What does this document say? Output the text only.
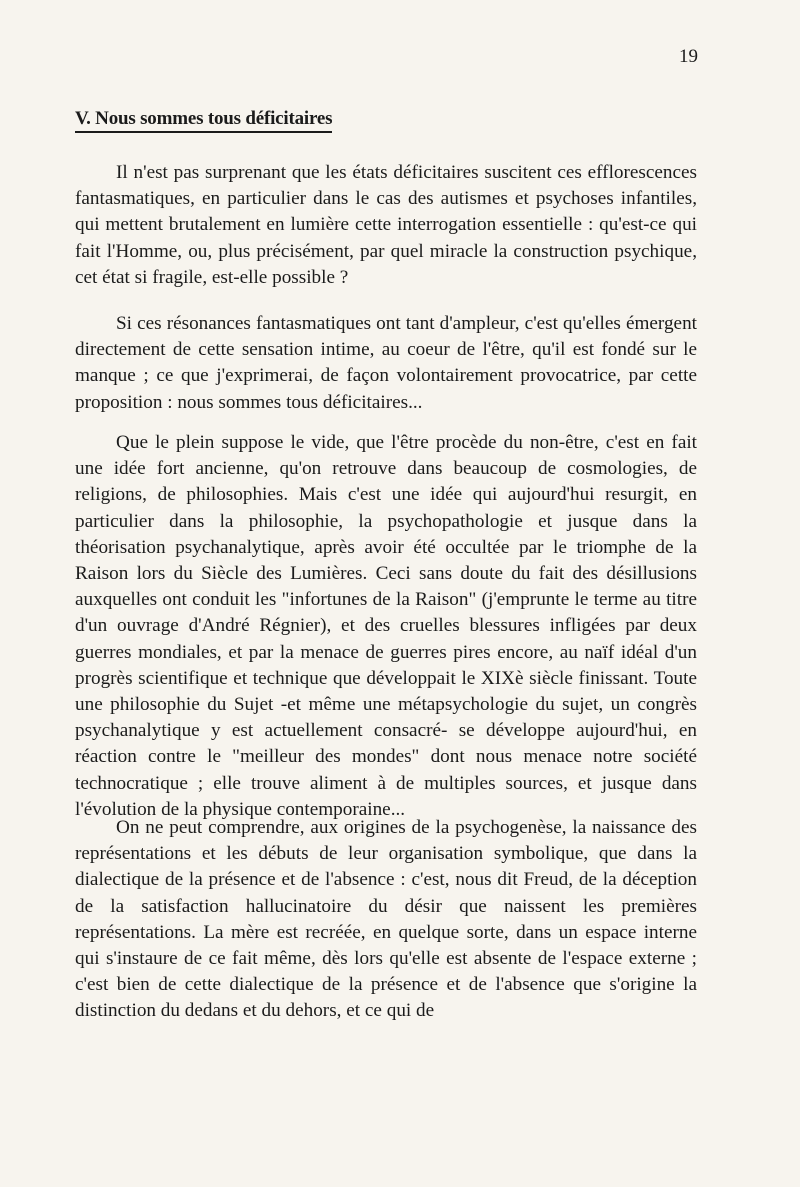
19
V. Nous sommes tous déficitaires

Il n'est pas surprenant que les états déficitaires suscitent ces efflorescences fantasmatiques, en particulier dans le cas des autismes et psychoses infantiles, qui mettent brutalement en lumière cette interrogation essentielle : qu'est-ce qui fait l'Homme, ou, plus précisément, par quel miracle la construction psychique, cet état si fragile, est-elle possible ?

Si ces résonances fantasmatiques ont tant d'ampleur, c'est qu'elles émergent directement de cette sensation intime, au coeur de l'être, qu'il est fondé sur le manque ; ce que j'exprimerai, de façon volontairement provocatrice, par cette proposition : nous sommes tous déficitaires...

Que le plein suppose le vide, que l'être procède du non-être, c'est en fait une idée fort ancienne, qu'on retrouve dans beaucoup de cosmologies, de religions, de philosophies. Mais c'est une idée qui aujourd'hui resurgit, en particulier dans la philosophie, la psychopathologie et jusque dans la théorisation psychanalytique, après avoir été occultée par le triomphe de la Raison lors du Siècle des Lumières. Ceci sans doute du fait des désillusions auxquelles ont conduit les "infortunes de la Raison" (j'emprunte le terme au titre d'un ouvrage d'André Régnier), et des cruelles blessures infligées par deux guerres mondiales, et par la menace de guerres pires encore, au naïf idéal d'un progrès scientifique et technique que développait le XIXè siècle finissant. Toute une philosophie du Sujet -et même une métapsychologie du sujet, un congrès psychanalytique y est actuellement consacré- se développe aujourd'hui, en réaction contre le "meilleur des mondes" dont nous menace notre société technocratique ; elle trouve aliment à de multiples sources, et jusque dans l'évolution de la physique contemporaine...

On ne peut comprendre, aux origines de la psychogenèse, la naissance des représentations et les débuts de leur organisation symbolique, que dans la dialectique de la présence et de l'absence : c'est, nous dit Freud, de la déception de la satisfaction hallucinatoire du désir que naissent les premières représentations. La mère est recréée, en quelque sorte, dans un espace interne qui s'instaure de ce fait même, dès lors qu'elle est absente de l'espace externe ; c'est bien de cette dialectique de la présence et de l'absence que s'origine la distinction du dedans et du dehors, et ce qui de
